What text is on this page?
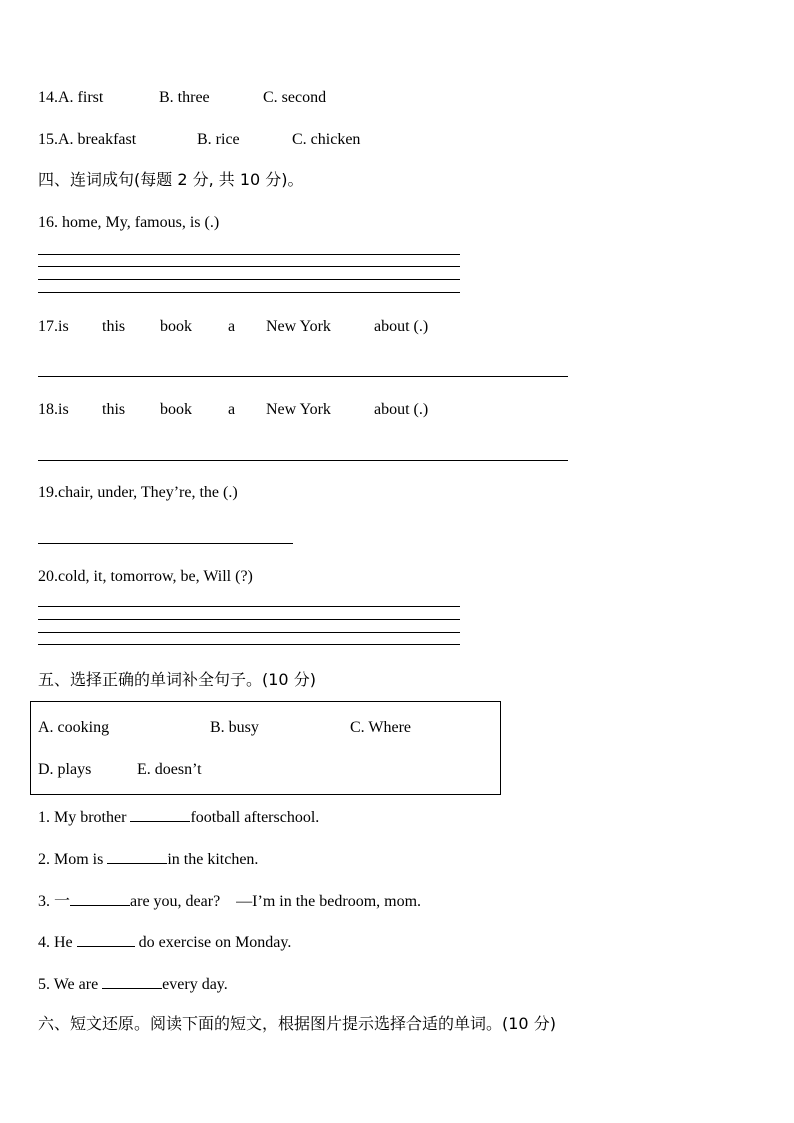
14.A. first	B. three	C. second
15.A. breakfast	B. rice	C. chicken
四、连词成句(每题 2 分, 共 10 分)。
16. home, My, famous, is (.)
17.is this book a New York	about (.)
18.is this book a New York	about (.)
19.chair, under, They’re, the (.)
20.cold, it, tomorrow, be, Will (?)
五、选择正确的单词补全句子。(10 分)
A. cooking	B. busy	C. Where
D. plays	E. doesn’t
1. My brother	football afterschool.
2. Mom is	in the kitchen.
3. 一	are you, dear?    —I’m in the bedroom, mom.
4. He	do exercise on Monday.
5. We are	every day.
六、短文还原。阅读下面的短文，根据图片提示选择合适的单词。(10 分)
